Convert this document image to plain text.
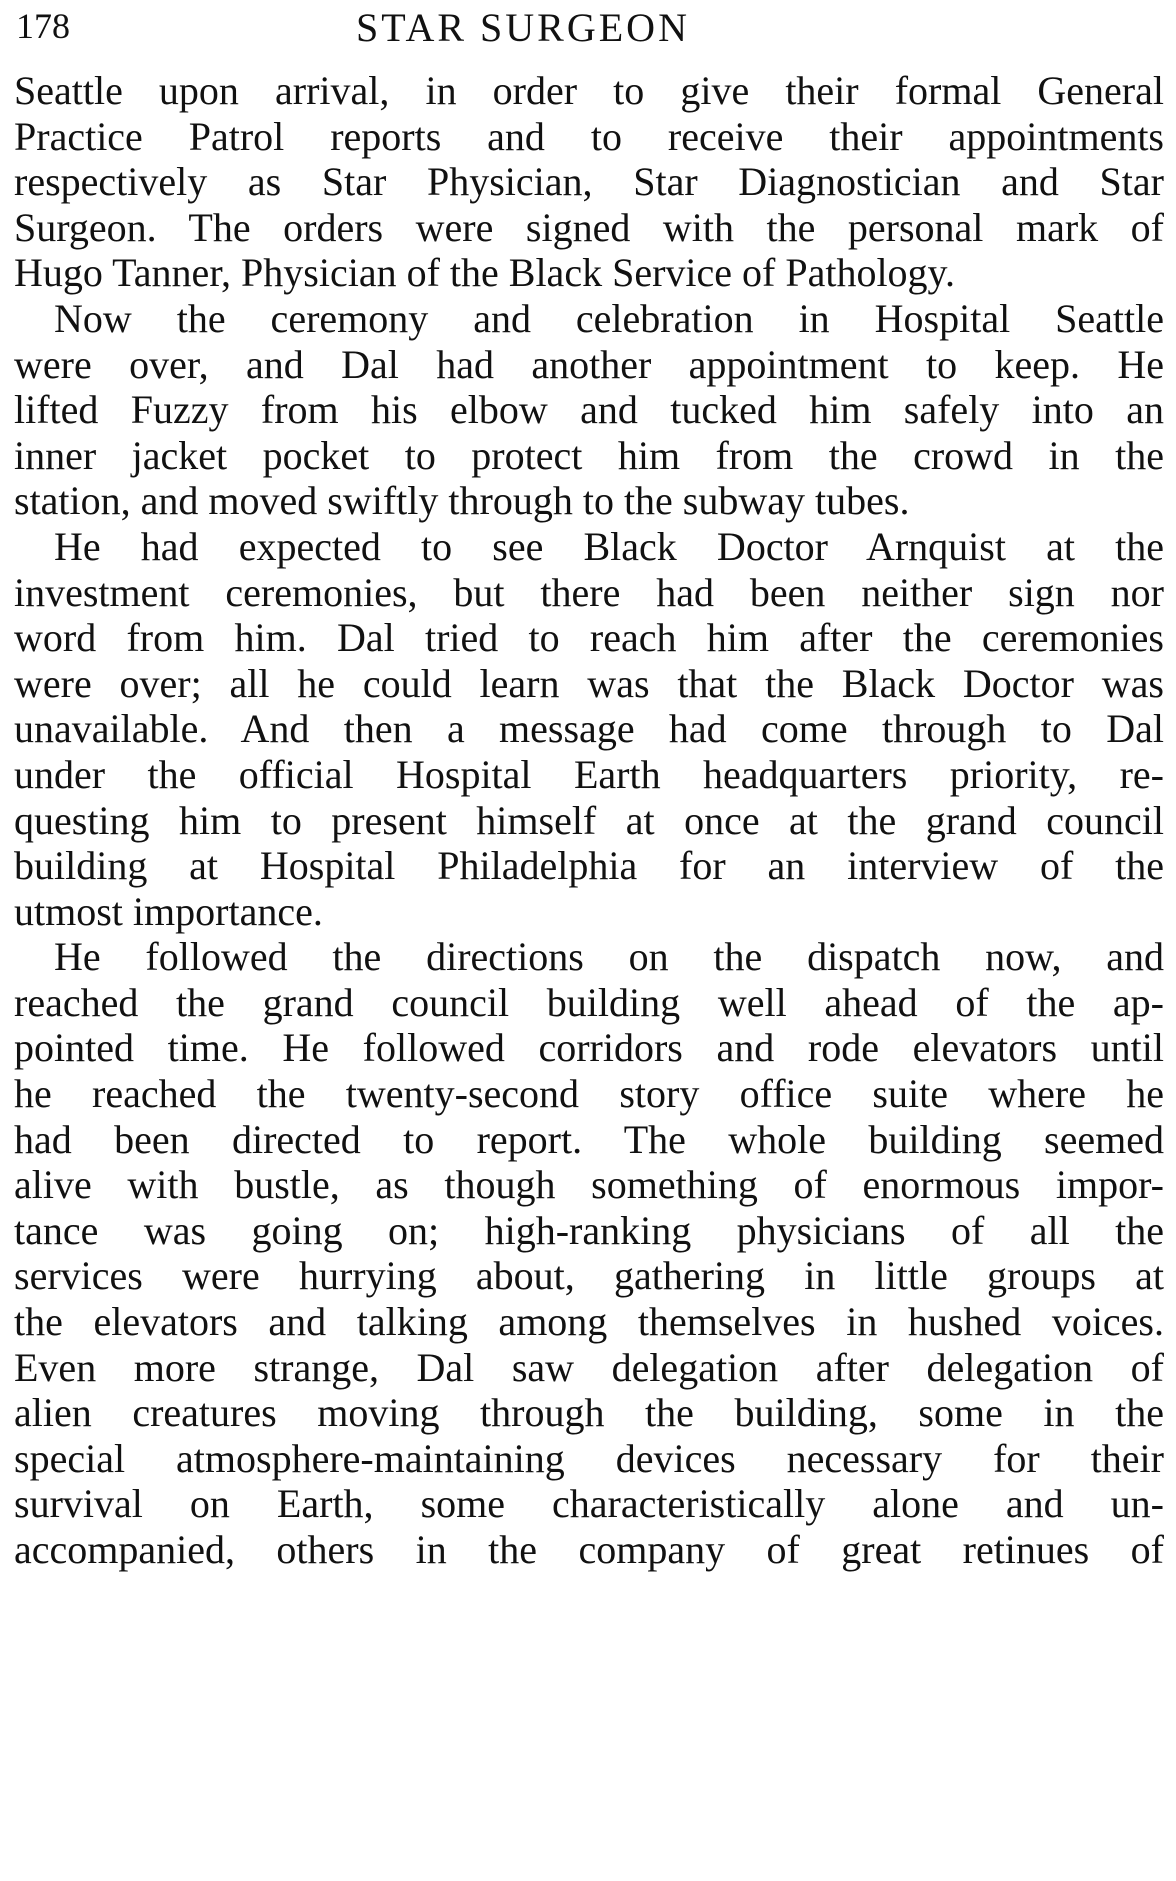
178	STAR SURGEON
Seattle upon arrival, in order to give their formal General
Practice Patrol reports and to receive their appointments
respectively as Star Physician, Star Diagnostician and Star
Surgeon. The orders were signed with the personal mark of
Hugo Tanner, Physician of the Black Service of Pathology.
Now the ceremony and celebration in Hospital Seattle
were over, and Dal had another appointment to keep. He
lifted Fuzzy from his elbow and tucked him safely into an
inner jacket pocket to protect him from the crowd in the
station, and moved swiftly through to the subway tubes.
He had expected to see Black Doctor Arnquist at the
investment ceremonies, but there had been neither sign nor
word from him. Dal tried to reach him after the ceremonies
were over; all he could learn was that the Black Doctor was
unavailable. And then a message had come through to Dal
under the official Hospital Earth headquarters priority, re-
questing him to present himself at once at the grand council
building at Hospital Philadelphia for an interview of the
utmost importance.
He followed the directions on the dispatch now, and
reached the grand council building well ahead of the ap-
pointed time. He followed corridors and rode elevators until
he reached the twenty-second story office suite where he
had been directed to report. The whole building seemed
alive with bustle, as though something of enormous impor-
tance was going on; high-ranking physicians of all the
services were hurrying about, gathering in little groups at
the elevators and talking among themselves in hushed voices.
Even more strange, Dal saw delegation after delegation of
alien creatures moving through the building, some in the
special atmosphere-maintaining devices necessary for their
survival on Earth, some characteristically alone and un-
accompanied, others in the company of great retinues of
